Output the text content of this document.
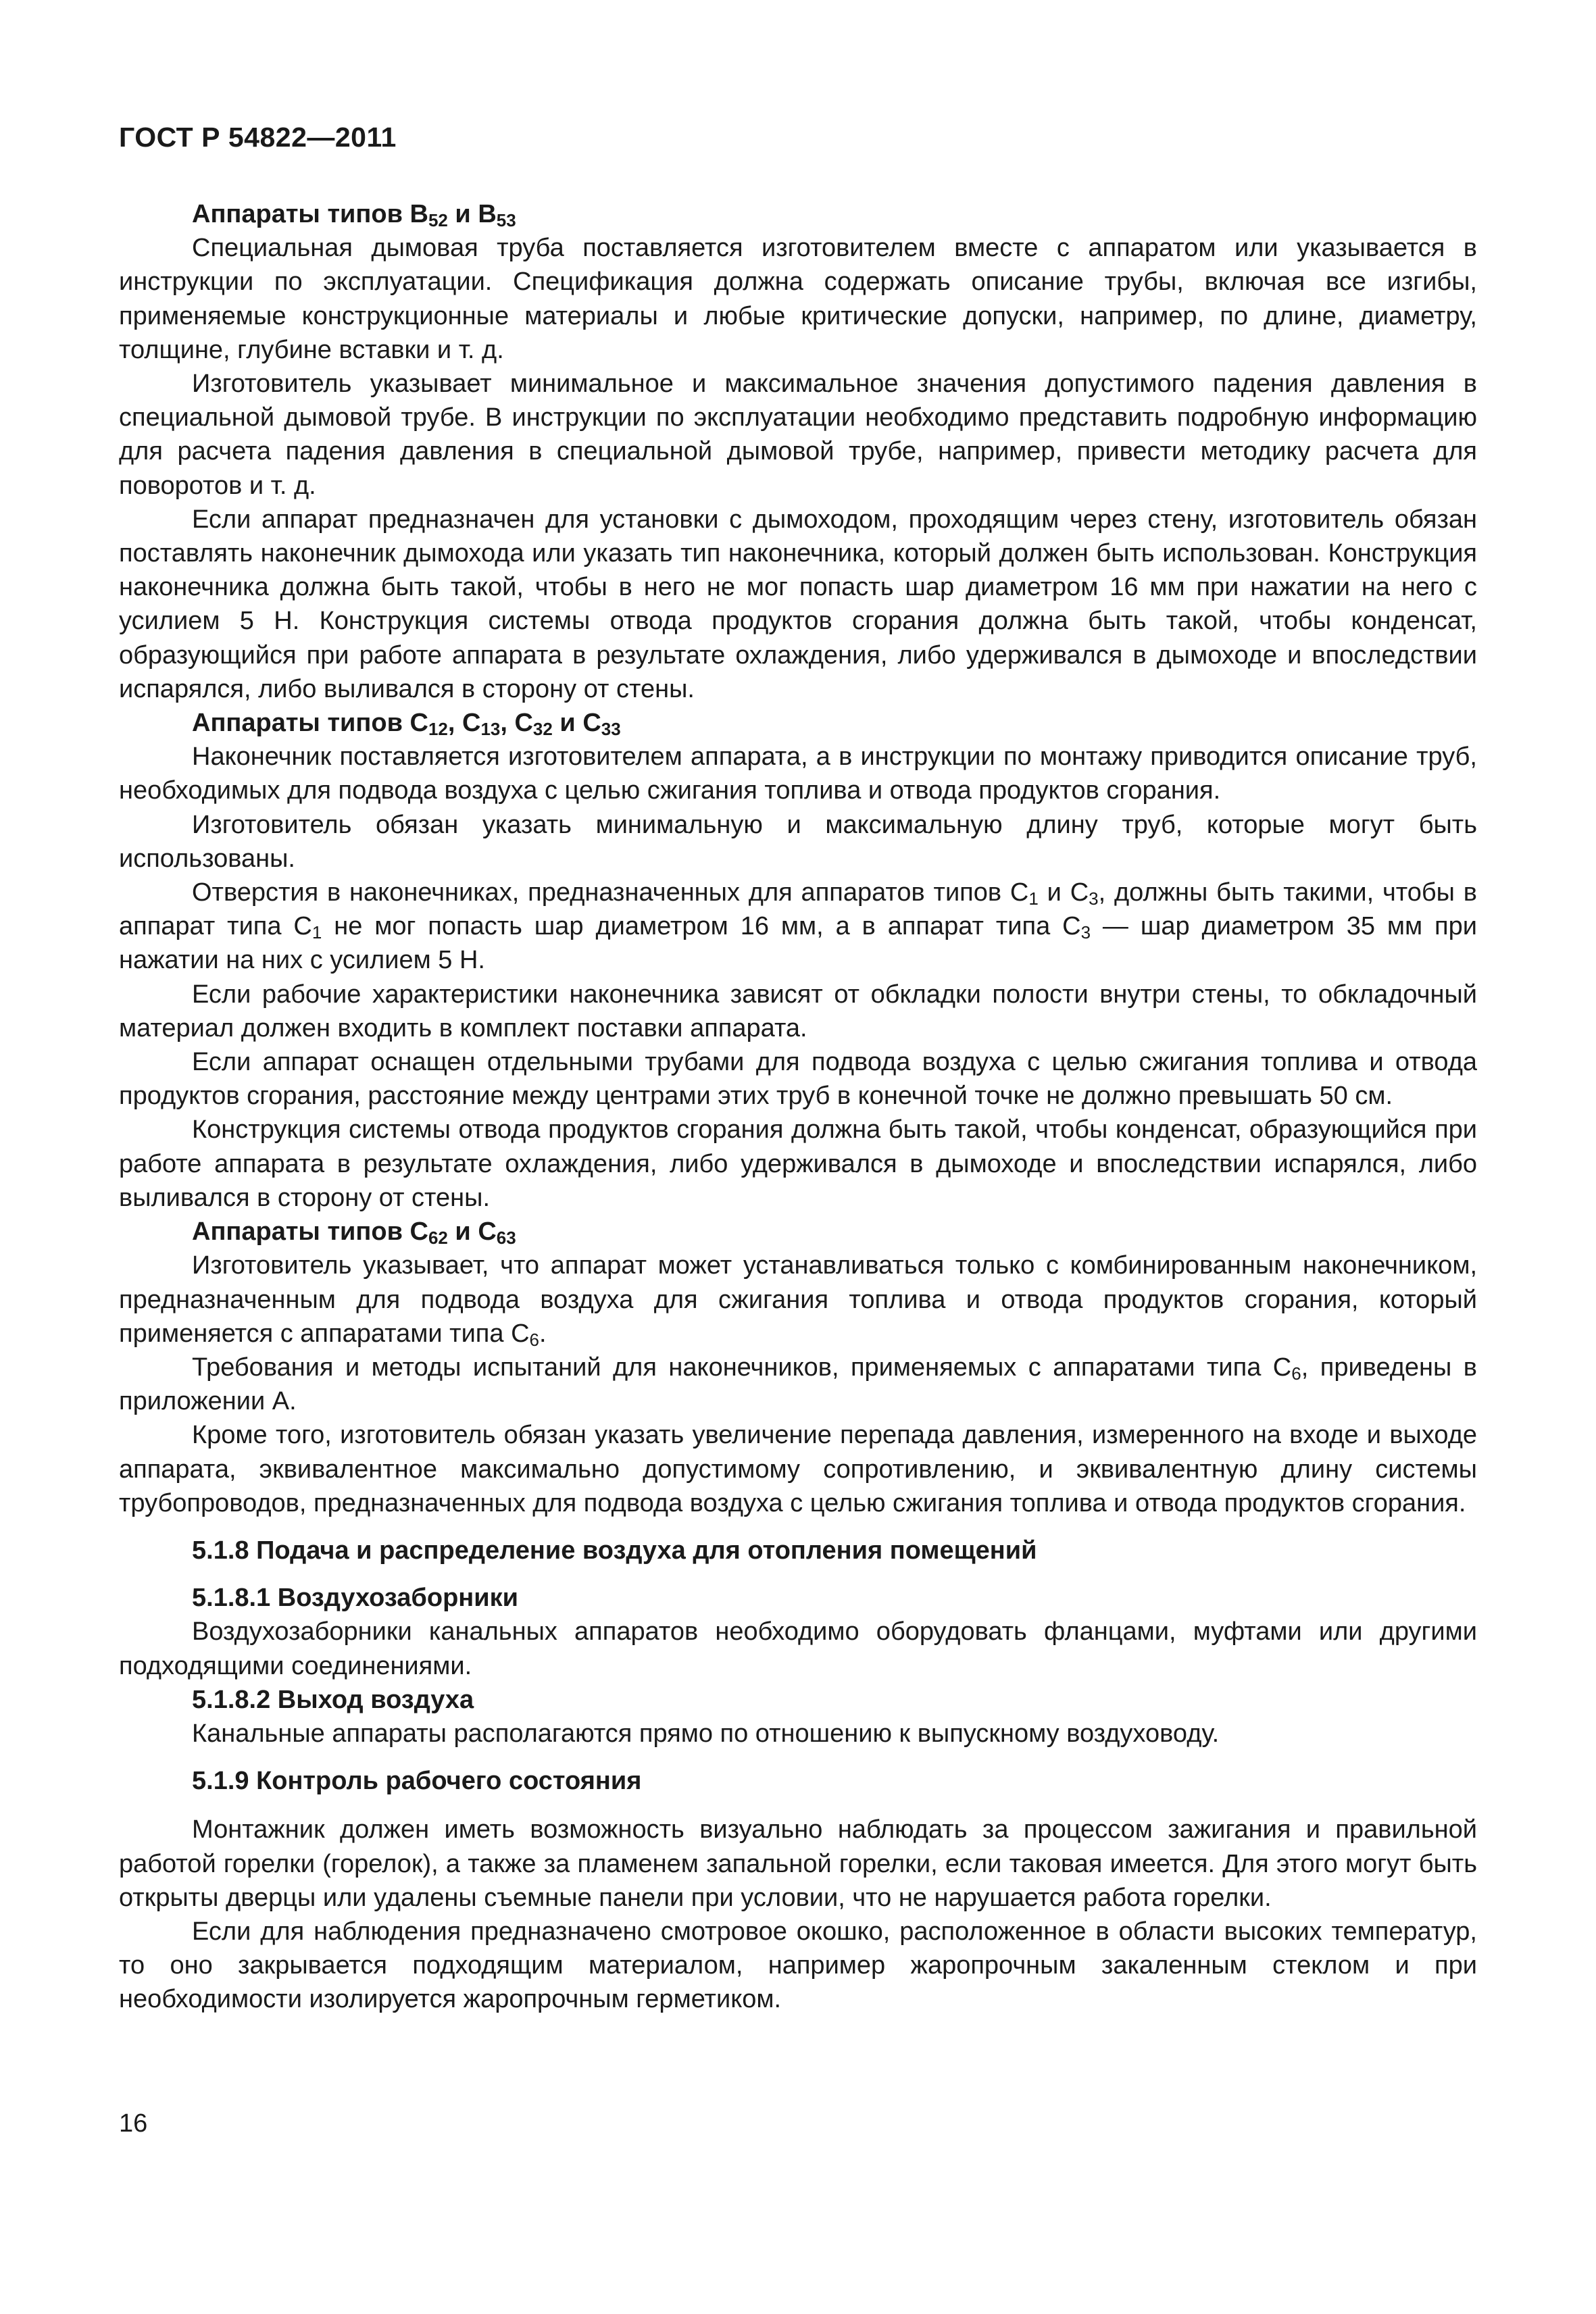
ГОСТ Р 54822—2011
Аппараты типов $B_{52}$ и $B_{53}$

Специальная дымовая труба поставляется изготовителем вместе с аппаратом или указывается в инструкции по эксплуатации. Спецификация должна содержать описание трубы, включая все изгибы, применяемые конструкционные материалы и любые критические допуски, например, по длине, диаметру, толщине, глубине вставки и т. д.

Изготовитель указывает минимальное и максимальное значения допустимого падения давления в специальной дымовой трубе. В инструкции по эксплуатации необходимо представить подробную информацию для расчета падения давления в специальной дымовой трубе, например, привести методику расчета для поворотов и т. д.

Если аппарат предназначен для установки с дымоходом, проходящим через стену, изготовитель обязан поставлять наконечник дымохода или указать тип наконечника, который должен быть использован. Конструкция наконечника должна быть такой, чтобы в него не мог попасть шар диаметром 16 мм при нажатии на него с усилием 5 Н. Конструкция системы отвода продуктов сгорания должна быть такой, чтобы конденсат, образующийся при работе аппарата в результате охлаждения, либо удерживался в дымоходе и впоследствии испарялся, либо выливался в сторону от стены.

Аппараты типов $C_{12}$, $C_{13}$, $C_{32}$ и $C_{33}$

Наконечник поставляется изготовителем аппарата, а в инструкции по монтажу приводится описание труб, необходимых для подвода воздуха с целью сжигания топлива и отвода продуктов сгорания.

Изготовитель обязан указать минимальную и максимальную длину труб, которые могут быть использованы.

Отверстия в наконечниках, предназначенных для аппаратов типов $С_1$ и $С_3$, должны быть такими, чтобы в аппарат типа $С_1$ не мог попасть шар диаметром 16 мм, а в аппарат типа $С_3$ — шар диаметром 35 мм при нажатии на них с усилием 5 Н.

Если рабочие характеристики наконечника зависят от обкладки полости внутри стены, то обкладочный материал должен входить в комплект поставки аппарата.

Если аппарат оснащен отдельными трубами для подвода воздуха с целью сжигания топлива и отвода продуктов сгорания, расстояние между центрами этих труб в конечной точке не должно превышать 50 см.

Конструкция системы отвода продуктов сгорания должна быть такой, чтобы конденсат, образующийся при работе аппарата в результате охлаждения, либо удерживался в дымоходе и впоследствии испарялся, либо выливался в сторону от стены.

Аппараты типов $C_{62}$ и $C_{63}$

Изготовитель указывает, что аппарат может устанавливаться только с комбинированным наконечником, предназначенным для подвода воздуха для сжигания топлива и отвода продуктов сгорания, который применяется с аппаратами типа $С_6$.

Требования и методы испытаний для наконечников, применяемых с аппаратами типа $С_6$, приведены в приложении А.

Кроме того, изготовитель обязан указать увеличение перепада давления, измеренного на входе и выходе аппарата, эквивалентное максимально допустимому сопротивлению, и эквивалентную длину системы трубопроводов, предназначенных для подвода воздуха с целью сжигания топлива и отвода продуктов сгорания.

5.1.8 Подача и распределение воздуха для отопления помещений
5.1.8.1 Воздухозаборники

Воздухозаборники канальных аппаратов необходимо оборудовать фланцами, муфтами или другими подходящими соединениями.

5.1.8.2 Выход воздуха

Канальные аппараты располагаются прямо по отношению к выпускному воздуховоду.

5.1.9 Контроль рабочего состояния

Монтажник должен иметь возможность визуально наблюдать за процессом зажигания и правильной работой горелки (горелок), а также за пламенем запальной горелки, если таковая имеется. Для этого могут быть открыты дверцы или удалены съемные панели при условии, что не нарушается работа горелки.

Если для наблюдения предназначено смотровое окошко, расположенное в области высоких температур, то оно закрывается подходящим материалом, например жаропрочным закаленным стеклом и при необходимости изолируется жаропрочным герметиком.

16
